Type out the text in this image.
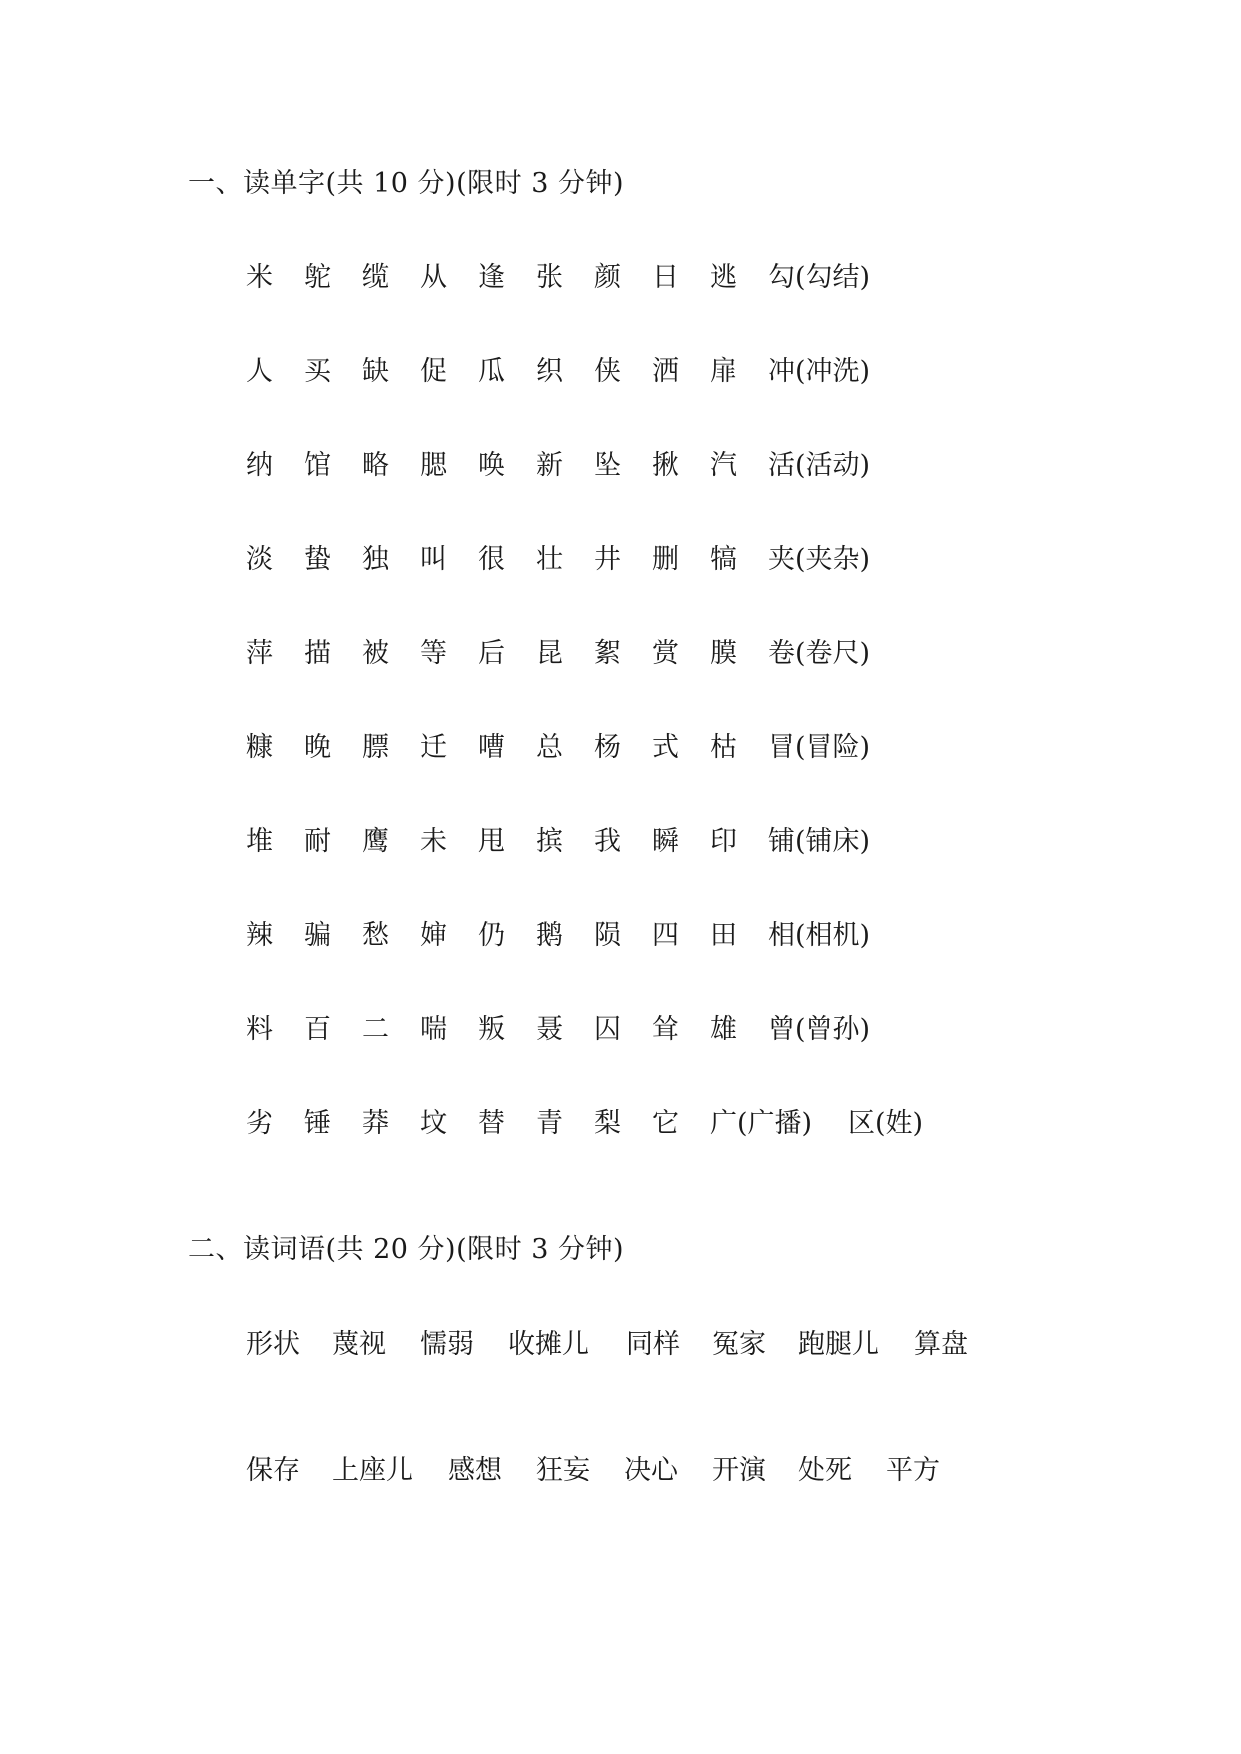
一、读单字(共 10 分)(限时 3 分钟)
米 鸵 缆 从 逢 张 颜 日 逃 勾(勾结)
人 买 缺 促 瓜 织 侠 洒 扉 冲(冲洗)
纳 馆 略 腮 唤 新 坠 揪 汽 活(活动)
淡 蛰 独 叫 很 壮 井 删 犒 夹(夹杂)
萍 描 被 等 后 昆 絮 赏 膜 卷(卷尺)
糠 晚 膘 迁 嘈 总 杨 式 枯 冒(冒险)
堆 耐 鹰 未 甩 摈 我 瞬 印 铺(铺床)
辣 骗 愁 婶 仍 鹅 陨 四 田 相(相机)
料 百 二 喘 叛 聂 囚 耸 雄 曾(曾孙)
劣 锤 莽 坟 替 青 梨 它 广(广播) 区(姓)
二、读词语(共 20 分)(限时 3 分钟)
形状 蔑视 懦弱 收摊儿 同样 冤家 跑腿儿 算盘
保存 上座儿 感想 狂妄 决心 开演 处死 平方
